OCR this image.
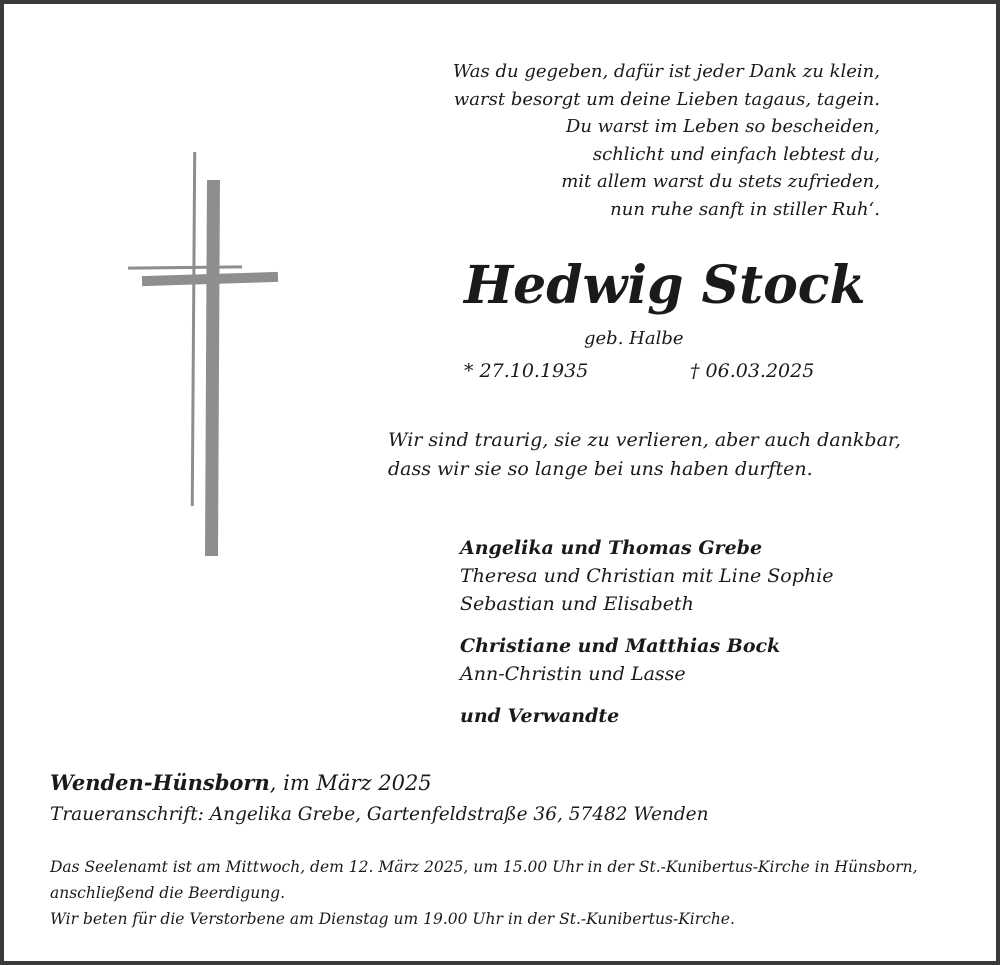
Was du gegeben, dafür ist jeder Dank zu klein,
warst besorgt um deine Lieben tagaus, tagein.
Du warst im Leben so bescheiden,
schlicht und einfach lebtest du,
mit allem warst du stets zufrieden,
nun ruhe sanft in stiller Ruh‘.
Hedwig Stock
geb. Halbe
* 27.10.1935	† 06.03.2025
Wir sind traurig, sie zu verlieren, aber auch dankbar,
dass wir sie so lange bei uns haben durften.
Angelika und Thomas Grebe
Theresa und Christian mit Line Sophie
Sebastian und Elisabeth
Christiane und Matthias Bock
Ann-Christin und Lasse
und Verwandte
Wenden-Hünsborn, im März 2025
Traueranschrift: Angelika Grebe, Gartenfeldstraße 36, 57482 Wenden
Das Seelenamt ist am Mittwoch, dem 12. März 2025, um 15.00 Uhr in der St.-Kunibertus-Kirche in Hünsborn,
anschließend die Beerdigung.
Wir beten für die Verstorbene am Dienstag um 19.00 Uhr in der St.-Kunibertus-Kirche.
